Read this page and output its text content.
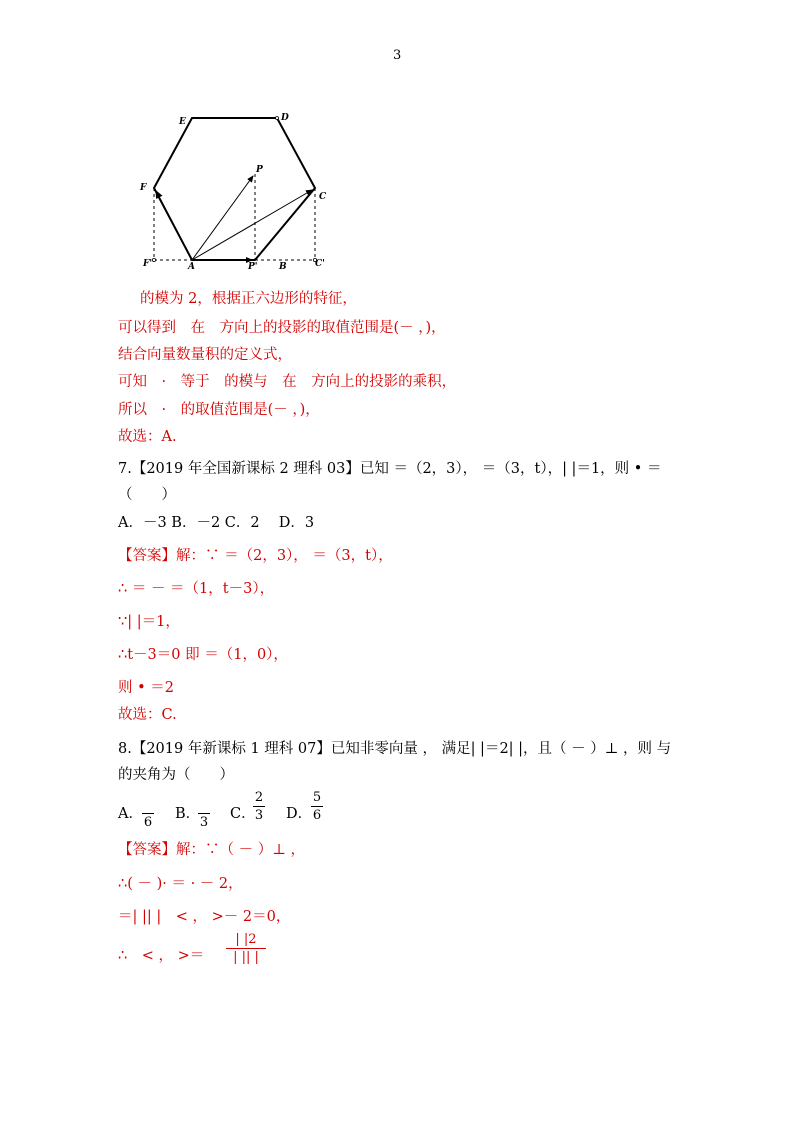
3
E	D
P
F
C
F'	A	P' B	C'
的模为 2，根据正六边形的特征，
可以得到　在　方向上的投影的取值范围是(－ ，)，
结合向量数量积的定义式，
可知　·　等于　的模与　在　方向上的投影的乘积，
所以　·　的取值范围是(－ ，)，
故选：A.
7.【2019 年全国新课标 2 理科 03】已知 ＝（2，3）， ＝（3，t），| |＝1，则 • ＝
（　　）
A．－3 B．－2 C．2　 D．3
【答案】解：∵ ＝（2，3）， ＝（3，t），
∴ ＝ － ＝（1，t－3），
∵| |＝1，
∴t－3＝0 即 ＝（1，0），
则 • ＝2
故选：C.
8.【2019 年新课标 1 理科 07】已知非零向量 ， 满足| |＝2| |，且（ － ）⊥ ，则 与
的夹角为（　　）
A．
6
B．
3
C．
2
3 D．
5
6
【答案】解：∵（ － ）⊥ ，
∴( － )· ＝ · － 2，
＝| || |　< ， >－ 2＝0，
∴　< ， >＝
| |2
| || |
